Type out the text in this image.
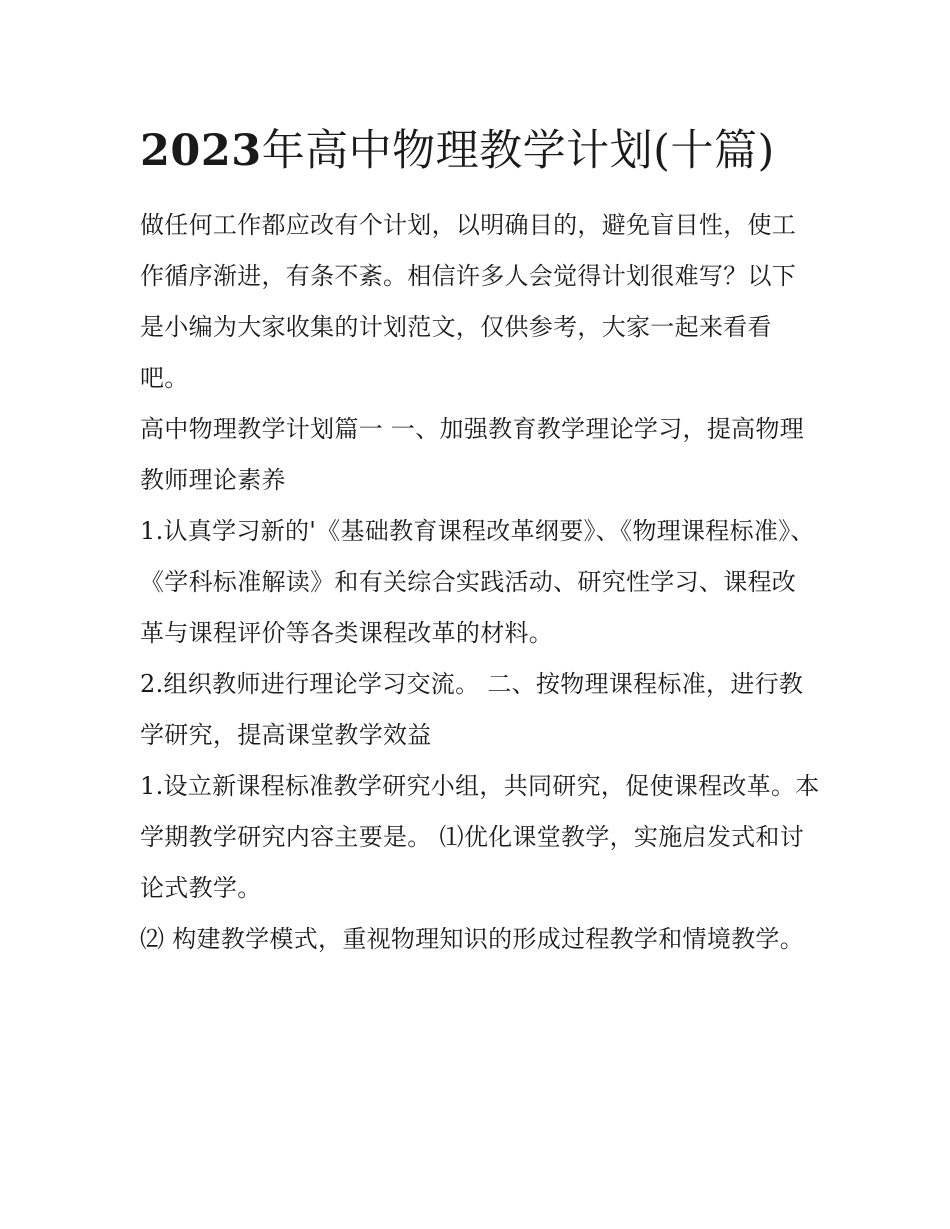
2023年高中物理教学计划(十篇)

做任何工作都应改有个计划，以明确目的，避免盲目性，使工作循序渐进，有条不紊。相信许多人会觉得计划很难写？以下是小编为大家收集的计划范文，仅供参考，大家一起来看看吧。

高中物理教学计划篇一 一、加强教育教学理论学习，提高物理教师理论素养

1.认真学习新的'《基础教育课程改革纲要》、《物理课程标准》、《学科标准解读》和有关综合实践活动、研究性学习、课程改革与课程评价等各类课程改革的材料。

2.组织教师进行理论学习交流。 二、按物理课程标准，进行教学研究，提高课堂教学效益

1.设立新课程标准教学研究小组，共同研究，促使课程改革。本学期教学研究内容主要是。 ⑴优化课堂教学，实施启发式和讨论式教学。

⑵ 构建教学模式，重视物理知识的形成过程教学和情境教学。
